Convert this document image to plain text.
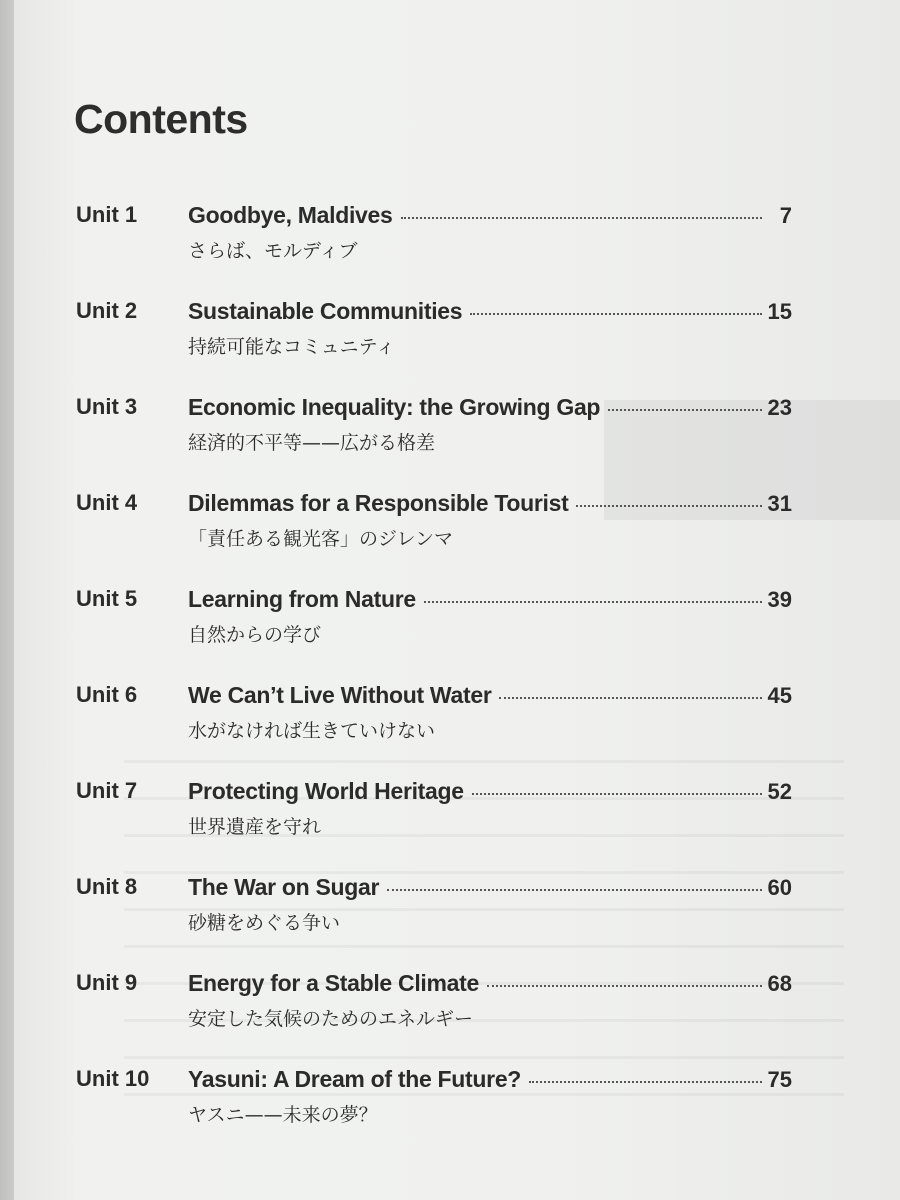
Contents
Unit 1 Goodbye, Maldives	7
さらば、モルディブ
Unit 2 Sustainable Communities	15
持続可能なコミュニティ
Unit 3 Economic Inequality: the Growing Gap	23
経済的不平等——広がる格差
Unit 4 Dilemmas for a Responsible Tourist	31
「責任ある観光客」のジレンマ
Unit 5 Learning from Nature	39
自然からの学び
Unit 6 We Can’t Live Without Water	45
水がなければ生きていけない
Unit 7 Protecting World Heritage	52
世界遺産を守れ
Unit 8 The War on Sugar	60
砂糖をめぐる争い
Unit 9 Energy for a Stable Climate	68
安定した気候のためのエネルギー
Unit 10 Yasuni: A Dream of the Future?	75
ヤスニ——未来の夢？
